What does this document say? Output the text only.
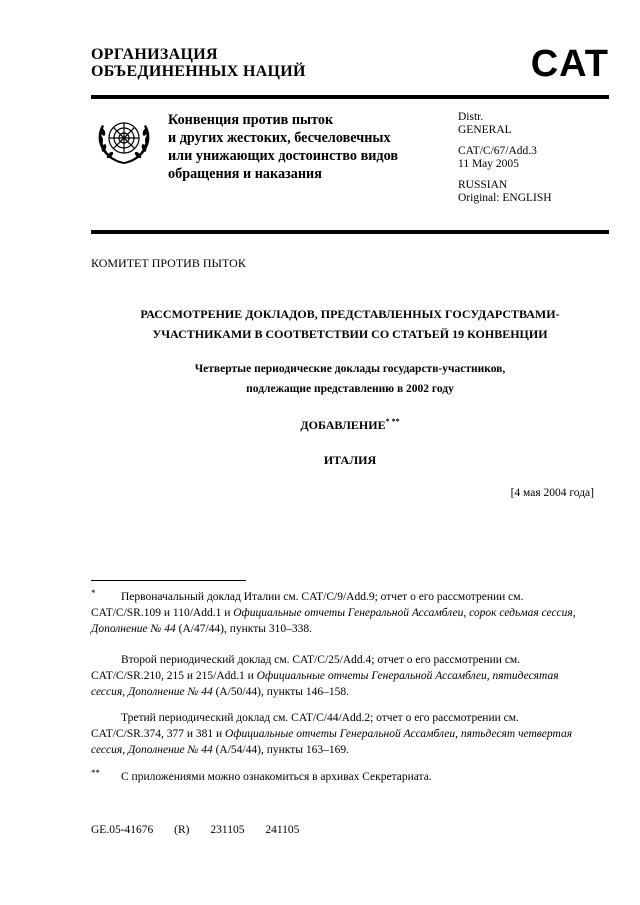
ОРГАНИЗАЦИЯ
ОБЪЕДИНЕННЫХ НАЦИЙ	CAT
Конвенция против пыток
и других жестоких, бесчеловечных
или унижающих достоинство видов
обращения и наказания
Distr.
GENERAL
CAT/C/67/Add.3
11 May 2005
RUSSIAN
Original: ENGLISH
КОМИТЕТ ПРОТИВ ПЫТОК
РАССМОТРЕНИЕ ДОКЛАДОВ, ПРЕДСТАВЛЕННЫХ ГОСУДАРСТВАМИ-
УЧАСТНИКАМИ В СООТВЕТСТВИИ СО СТАТЬЕЙ 19 КОНВЕНЦИИ
Четвертые периодические доклады государств-участников,
подлежащие представлению в 2002 году
ДОБАВЛЕНИЕ* **
ИТАЛИЯ
[4 мая 2004 года]
*	Первоначальный доклад Италии см. CAT/C/9/Add.9; отчет о его рассмотрении см. CAT/C/SR.109 и 110/Add.1 и Официальные отчеты Генеральной Ассамблеи, сорок седьмая сессия, Дополнение № 44 (A/47/44), пункты 310–338.

Второй периодический доклад см. CAT/C/25/Add.4; отчет о его рассмотрении см. CAT/C/SR.210, 215 и 215/Add.1 и Официальные отчеты Генеральной Ассамблеи, пятидесятая сессия, Дополнение № 44 (A/50/44), пункты 146–158.

Третий периодический доклад см. CAT/C/44/Add.2; отчет о его рассмотрении см. CAT/C/SR.374, 377 и 381 и Официальные отчеты Генеральной Ассамблеи, пятьдесят четвертая сессия, Дополнение № 44 (A/54/44), пункты 163–169.

**	С приложениями можно ознакомиться в архивах Секретариата.

GE.05-41676 (R) 231105 241105
